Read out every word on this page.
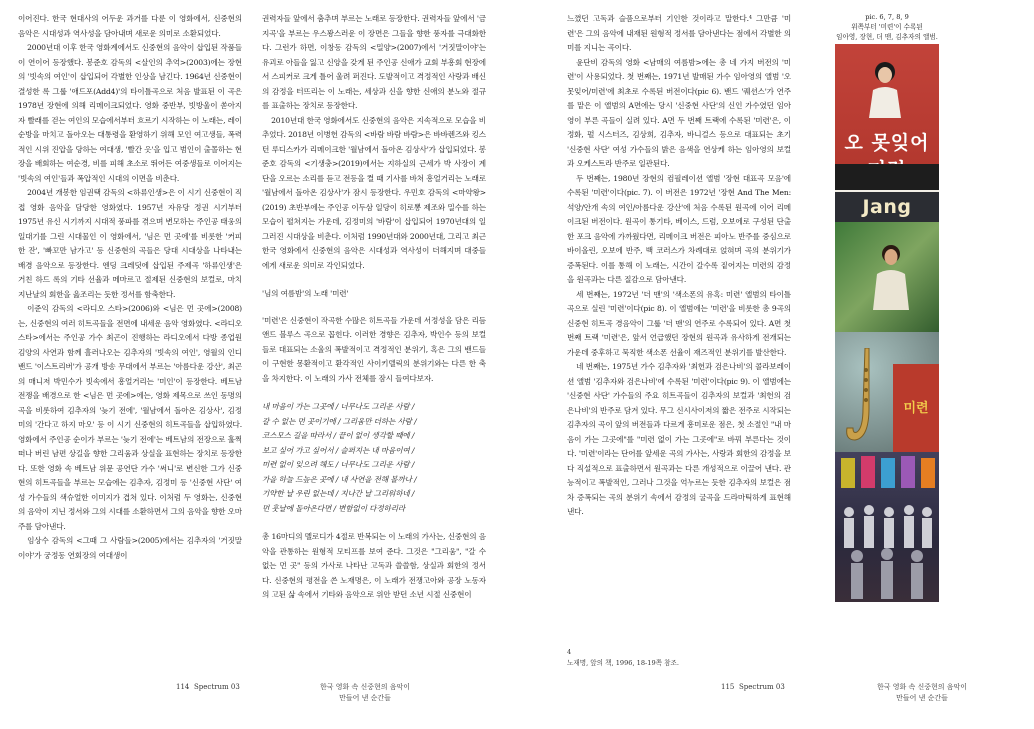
이어진다. 한국 현대사의 어두운 과거를 다룬 이 영화에서, 신중현의 음악은 시대성과 역사성을 담아내며 새로운 의미로 소환되었다.

2000년대 이후 한국 영화계에서도 신중현의 음악이 삽입된 작품들이 연이어 등장했다. 봉준호 감독의 <살인의 추억>(2003)에는 장현의 '빗속의 여인'이 삽입되어 각별한 인상을 남긴다. 1964년 신중현이 결성한 록 그룹 '애드포(Add4)'의 타이틀곡으로 처음 발표된 이 곡은 1978년 장현에 의해 리메이크되었다. 영화 중반부, 빗방울이 쏟아지자 빨래를 걷는 여인의 모습에서부터 흐르기 시작하는 이 노래는, 레이 순방을 마치고 돌아오는 대통령을 환영하기 위해 모인 여고생들, 폭력적인 시위 진압을 당하는 여대생, '빨간 옷'을 입고 범인이 출몰하는 현장을 배회하는 여순경, 비를 피해 초소로 뛰어든 여중생들로 이어지는 '빗속의 여인'들과 폭압적인 시대의 이면을 비춘다.

2004년 개봉한 임권택 감독의 <하류인생>은 이 시기 신중현이 직접 영화 음악을 담당한 영화였다. 1957년 자유당 정권 시기부터 1975년 유신 시기까지 시대적 풍파를 겪으며 변모하는 주인공 태웅의 일대기를 그린 시대물인 이 영화에서, '님은 먼 곳에'를 비롯한 '커피 한 잔', '빠꼬만 남가고' 등 신중현의 곡들은 당대 시대상을 나타내는 배경 음악으로 등장한다. 엔딩 크레딧에 삽입된 주제곡 '하류인생'은 거친 하드 록의 기타 선율과 메마르고 절제된 신중현의 보컬로, 마치 지난날의 회한을 읊조리는 듯한 정서를 함축한다.

이준익 감독의 <라디오 스타>(2006)와 <님은 먼 곳에>(2008)는, 신중현의 여러 히트곡들을 전면에 내세운 음악 영화였다. <라디오 스타>에서는 주인공 가수 최곤이 진행하는 라디오에서 다방 종업원 김양의 사연과 함께 흘러나오는 김추자의 '빗속의 여인', 영월의 인디밴드 '이스트리버'가 공개 방송 무대에서 부르는 '아름다운 강산', 최곤의 매니저 박민수가 빗속에서 흥얼거리는 '미인'이 등장한다. 베트남 전쟁을 배경으로 한 <님은 먼 곳에>에는, 영화 제목으로 쓰인 동명의 곡을 비롯하여 김추자의 '늦기 전에', '월남에서 돌아온 김상사', 김정미의 '간다고 하지 마오' 등 이 시기 신중현의 히트곡들을 삽입하였다. 영화에서 주인공 순이가 부르는 '늦기 전에'는 베트남의 전장으로 훌쩍 떠나 버린 남편 상길을 향한 그리움과 상실을 표현하는 장치로 등장한다. 또한 영화 속 베트남 위문 공연단 가수 '써니'로 변신한 그가 신중현의 히트곡들을 부르는 모습에는 김추자, 김정미 등 '신중현 사단' 여성 가수들의 색슈얼한 이미지가 겹쳐 있다. 이처럼 두 영화는, 신중현의 음악이 지닌 정서와 그의 시대를 소환하면서 그의 음악을 향한 오마주를 담아낸다.

임상수 감독의 <그때 그 사람들>(2005)에서는 김추자의 '거짓말이야'가 궁정동 연회장의 여대생이

권력자들 앞에서 춤추며 부르는 노래로 등장한다. 권력자들 앞에서 '금지곡'을 부르는 우스꽝스러운 이 장면은 그들을 향한 풍자를 극대화한다. 그런가 하면, 이창동 감독의 <밀양>(2007)에서 '거짓말이야'는 유괴로 아들을 잃고 신앙을 갖게 된 주인공 신애가 교회 부흥회 현장에서 스피커로 크게 틀어 울려 퍼진다. 도발적이고 격정적인 사랑과 배신의 감정을 터뜨리는 이 노래는, 세상과 신을 향한 신애의 분노와 절규를 표출하는 장치로 등장한다.

2010년대 한국 영화에서도 신중현의 음악은 지속적으로 모습을 비추었다. 2018년 이병헌 감독의 <바람 바람 바람>은 바바렌즈와 킹스턴 루디스카가 리메이크한 '월남에서 돌아온 김상사'가 삽입되었다. 봉준호 감독의 <기생충>(2019)에서는 지하실의 근세가 박 사장이 계단을 오르는 소리를 듣고 전등을 켤 때 기사를 바쳐 흥얼거리는 노래로 '월남에서 돌아온 김상사'가 잠시 등장한다. 우민호 감독의 <마약왕>(2019) 초반부에는 주인공 이두삼 일당이 히로뽕 제조와 밀수를 하는 모습이 펼쳐지는 가운데, 김정미의 '바람'이 삽입되어 1970년대의 일그러진 시대상을 비춘다. 이처럼 1990년대와 2000년대, 그리고 최근 한국 영화에서 신중현의 음악은 시대성과 역사성이 더해지며 대중들에게 새로운 의미로 각인되었다.

'님의 여름밤'의 노래 '미련'

'미련'은 신중현이 작곡한 수많은 히트곡들 가운데 서정성을 담은 리듬 앤드 블루스 곡으로 꼽힌다. 이러한 경향은 김추자, 박인수 등의 보컬들로 대표되는 소울의 폭발적이고 격정적인 분위기, 혹은 그의 밴드들이 구현한 몽환적이고 환각적인 사이키델릭의 분위기와는 다른 한 축을 차지한다. 이 노래의 가사 전체를 잠시 들여다보자.

내 마음이 가는 그곳에 / 너무나도 그리운 사람 /

갈 수 없는 먼 곳이기에 / 그리움만 더하는 사람 /

코스모스 길을 따라서 / 끝이 없이 생각할 때에 /

보고 싶어 가고 싶어서 / 슬퍼지는 내 마음이여 /

미련 없이 잊으려 해도 / 너무나도 그리운 사람 /

가을 하늘 드높은 곳에 / 내 사연을 전해 볼까나 /

기약한 날 우린 없는데 / 지나간 날 그리워하네 /

먼 훗날에 돌아온다면 / 변함없이 다정하리라

총 16마디의 멜로디가 4절로 반복되는 이 노래의 가사는, 신중현의 음악을 관통하는 원형적 모티프를 보여 준다. 그것은 "그리움", "갈 수 없는 먼 곳" 등의 가사로 나타난 고독과 쓸쓸함, 상실과 회한의 정서다. 신중현의 평전을 쓴 노재명은, 이 노래가 전쟁고아와 공장 노동자의 고된 삶 속에서 기타와 음악으로 위안 받던 소년 시절 신중현이

114 Spectrum 03	한국 영화 속 신중현의 음악이
만들어 낸 순간들

느꼈던 고독과 슬픔으로부터 기인한 것이라고 말한다.⁴ 그만큼 '미련'은 그의 음악에 내재된 원형적 정서를 담아낸다는 점에서 각별한 의미를 지니는 곡이다.

윤단비 감독의 영화 <남매의 여름밤>에는 총 네 가지 버전의 '미련'이 사용되었다. 첫 번째는, 1971년 발매된 가수 임아영의 앨범 '오 못잊어/미련'에 최초로 수록된 버전이다(pic 6). 밴드 '퀘션스'가 연주를 맡은 이 앨범의 A면에는 당시 '신중현 사단'의 신인 가수였던 임아영이 부른 곡들이 실려 있다. A면 두 번째 트랙에 수록된 '미련'은, 이정화, 펄 시스터즈, 김상희, 김추자, 바니걸스 등으로 대표되는 초기 '신중현 사단' 여성 가수들의 밝은 음색을 연상케 하는 임아영의 보컬과 오케스트라 반주로 일관된다.

두 번째는, 1980년 장현의 컴필레이션 앨범 '장현 대표곡 모음'에 수록된 '미련'이다(pic. 7). 이 버전은 1972년 '장현 And The Men: 석양/안개 속의 여인/아름다운 강산'에 처음 수록된 원곡에 이어 리메이크된 버전이다. 원곡이 통기타, 베이스, 드럼, 오보에로 구성된 단출한 포크 음악에 가까웠다면, 리메이크 버전은 피아노 반주를 중심으로 바이올린, 오보에 반주, 백 코러스가 차례대로 얹혀며 곡의 분위기가 증폭된다. 이를 통해 이 노래는, 시간이 갈수록 짙어지는 미련의 감정을 원곡과는 다른 질감으로 담아낸다.

세 번째는, 1972년 '더 맨'의 '색소폰의 유혹: 미련' 앨범의 타이틀곡으로 실린 '미련'이다(pic 8). 이 앨범에는 '미련'을 비롯한 총 9곡의 신중현 히트곡 경음악이 그룹 '더 맨'의 연주로 수록되어 있다. A면 첫 번째 트랙 '미련'은, 앞서 언급했던 장현의 원곡과 유사하게 전개되는 가운데 중후하고 묵직한 색소폰 선율이 재즈적인 분위기를 발산한다.

네 번째는, 1975년 가수 김추자와 '최헌과 검은나비'의 콜라보레이션 앨범 '김추자와 검은나비'에 수록된 '미련'이다(pic 9). 이 앨범에는 '신중현 사단' 가수들의 주요 히트곡들이 김추자의 보컬과 '최헌의 검은나비'의 반주로 담겨 있다. 무그 신시사이저의 짧은 전주로 시작되는 김추자의 곡이 앞의 버전들과 다르게 흥미로운 점은, 첫 소절인 "내 마음이 가는 그곳에"를 "미련 없이 가는 그곳에"로 바꿔 부른다는 것이다. '미련'이라는 단어를 앞세운 곡의 가사는, 사랑과 회한의 감정을 보다 직설적으로 표출하면서 원곡과는 다른 개성적으로 이끌어 낸다. 관능적이고 폭발적인, 그러나 그것을 억누르는 듯한 김추자의 보컬은 점차 증폭되는 곡의 분위기 속에서 감정의 굴곡을 드라마틱하게 표현해 낸다.

4
노재명, 앞의 책, 1996, 18-19쪽 참조.
115 Spectrum 03	한국 영화 속 신중현의 음악이
만들어 낸 순간들
pic. 6, 7, 8, 9
위쪽부터 '미련'이 수록된
임아영, 장현, 더 맨, 김추자의 앨범.
오 못잊어
Jang
미련
